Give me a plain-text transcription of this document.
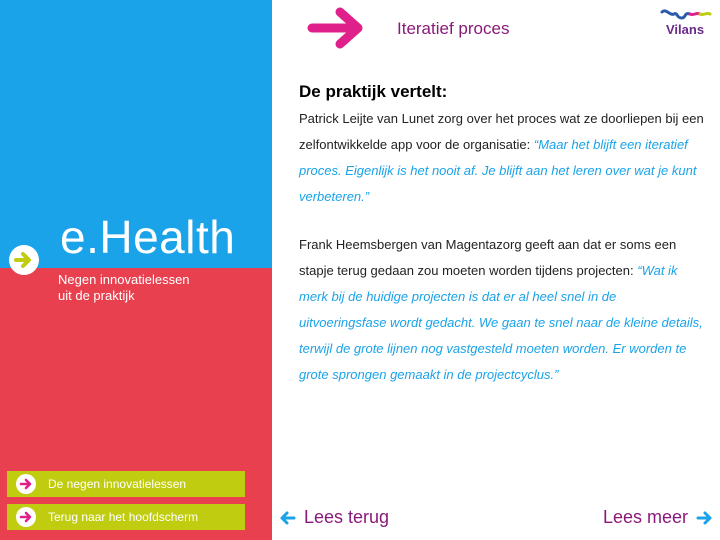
e.Health
Negen innovatielessen
uit de praktijk
De negen innovatielessen
Terug naar het hoofdscherm
Iteratief proces	Vilans
De praktijk vertelt:
Patrick Leijte van Lunet zorg over het proces wat ze doorliepen bij een zelfontwikkelde app voor de organisatie: “Maar het blijft een iteratief proces. Eigenlijk is het nooit af. Je blijft aan het leren over wat je kunt verbeteren.”
Frank Heemsbergen van Magentazorg geeft aan dat er soms een stapje terug gedaan zou moeten worden tijdens projecten: “Wat ik merk bij de huidige projecten is dat er al heel snel in de uitvoeringsfase wordt gedacht. We gaan te snel naar de kleine details, terwijl de grote lijnen nog vastgesteld moeten worden. Er worden te grote sprongen gemaakt in de projectcyclus.”
Lees terug	Lees meer
